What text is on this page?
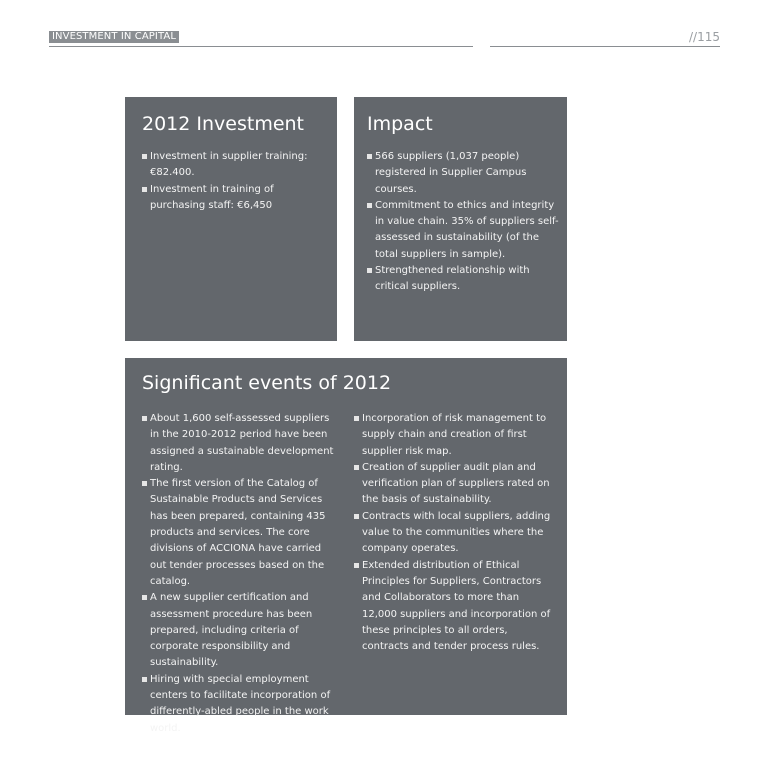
INVESTMENT IN CAPITAL	//115
2012 Investment
Investment in supplier training: €82.400.
Investment in training of purchasing staff: €6,450
Impact
566 suppliers (1,037 people) registered in Supplier Campus courses.
Commitment to ethics and integrity in value chain. 35% of suppliers self-assessed in sustainability (of the total suppliers in sample).
Strengthened relationship with critical suppliers.
Significant events of 2012
About 1,600 self-assessed suppliers in the 2010-2012 period have been assigned a sustainable development rating.
The first version of the Catalog of Sustainable Products and Services has been prepared, containing 435 products and services. The core divisions of ACCIONA have carried out tender processes based on the catalog.
A new supplier certification and assessment procedure has been prepared, including criteria of corporate responsibility and sustainability.
Hiring with special employment centers to facilitate incorporation of differently-abled people in the work world.
Incorporation of risk management to supply chain and creation of first supplier risk map.
Creation of supplier audit plan and verification plan of suppliers rated on the basis of sustainability.
Contracts with local suppliers, adding value to the communities where the company operates.
Extended distribution of Ethical Principles for Suppliers, Contractors and Collaborators to more than 12,000 suppliers and incorporation of these principles to all orders, contracts and tender process rules.
